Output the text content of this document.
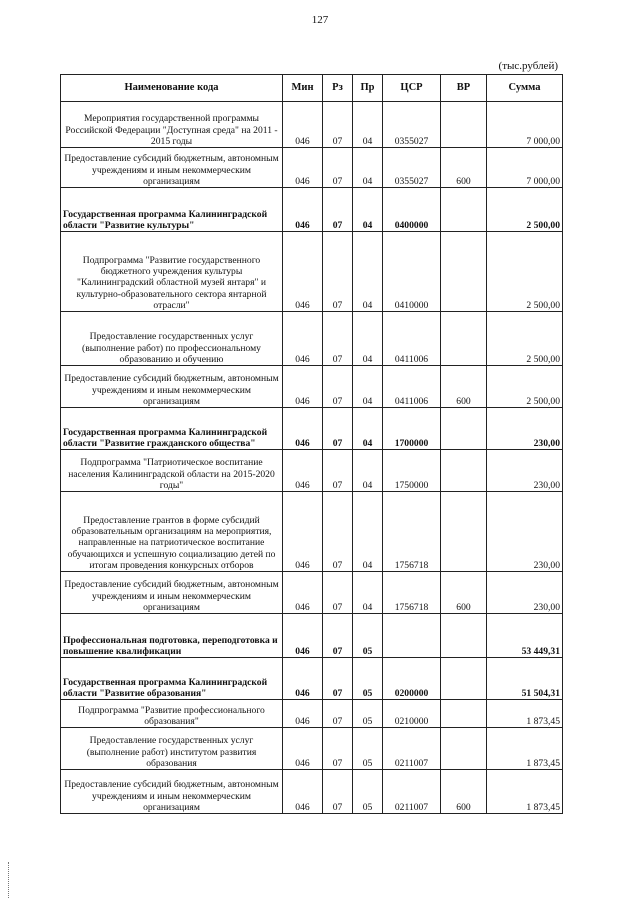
127
(тыс.рублей)
Наименование кода	Мин	Рз	Пр	ЦСР	ВР	Сумма
Мероприятия государственной программы Российской Федерации "Доступная среда" на 2011 - 2015 годы	046	07	04	0355027		7 000,00
Предоставление субсидий бюджетным, автономным учреждениям и иным некоммерческим организациям	046	07	04	0355027	600	7 000,00
Государственная программа Калининградской области "Развитие культуры"	046	07	04	0400000		2 500,00
Подпрограмма "Развитие государственного бюджетного учреждения культуры "Калининградский областной музей янтаря" и культурно-образовательного сектора янтарной отрасли"	046	07	04	0410000		2 500,00
Предоставление государственных услуг (выполнение работ) по профессиональному образованию и обучению	046	07	04	0411006		2 500,00
Предоставление субсидий бюджетным, автономным учреждениям и иным некоммерческим организациям	046	07	04	0411006	600	2 500,00
Государственная программа Калининградской области "Развитие гражданского общества"	046	07	04	1700000		230,00
Подпрограмма "Патриотическое воспитание населения Калининградской области на 2015-2020 годы"	046	07	04	1750000		230,00
Предоставление грантов в форме субсидий образовательным организациям на мероприятия, направленные на патриотическое воспитание обучающихся и успешную социализацию детей по итогам проведения конкурсных отборов	046	07	04	1756718		230,00
Предоставление субсидий бюджетным, автономным учреждениям и иным некоммерческим организациям	046	07	04	1756718	600	230,00
Профессиональная подготовка, переподготовка и повышение квалификации	046	07	05			53 449,31
Государственная программа Калининградской области "Развитие образования"	046	07	05	0200000		51 504,31
Подпрограмма "Развитие профессионального образования"	046	07	05	0210000		1 873,45
Предоставление государственных услуг (выполнение работ) институтом развития образования	046	07	05	0211007		1 873,45
Предоставление субсидий бюджетным, автономным учреждениям и иным некоммерческим организациям	046	07	05	0211007	600	1 873,45
